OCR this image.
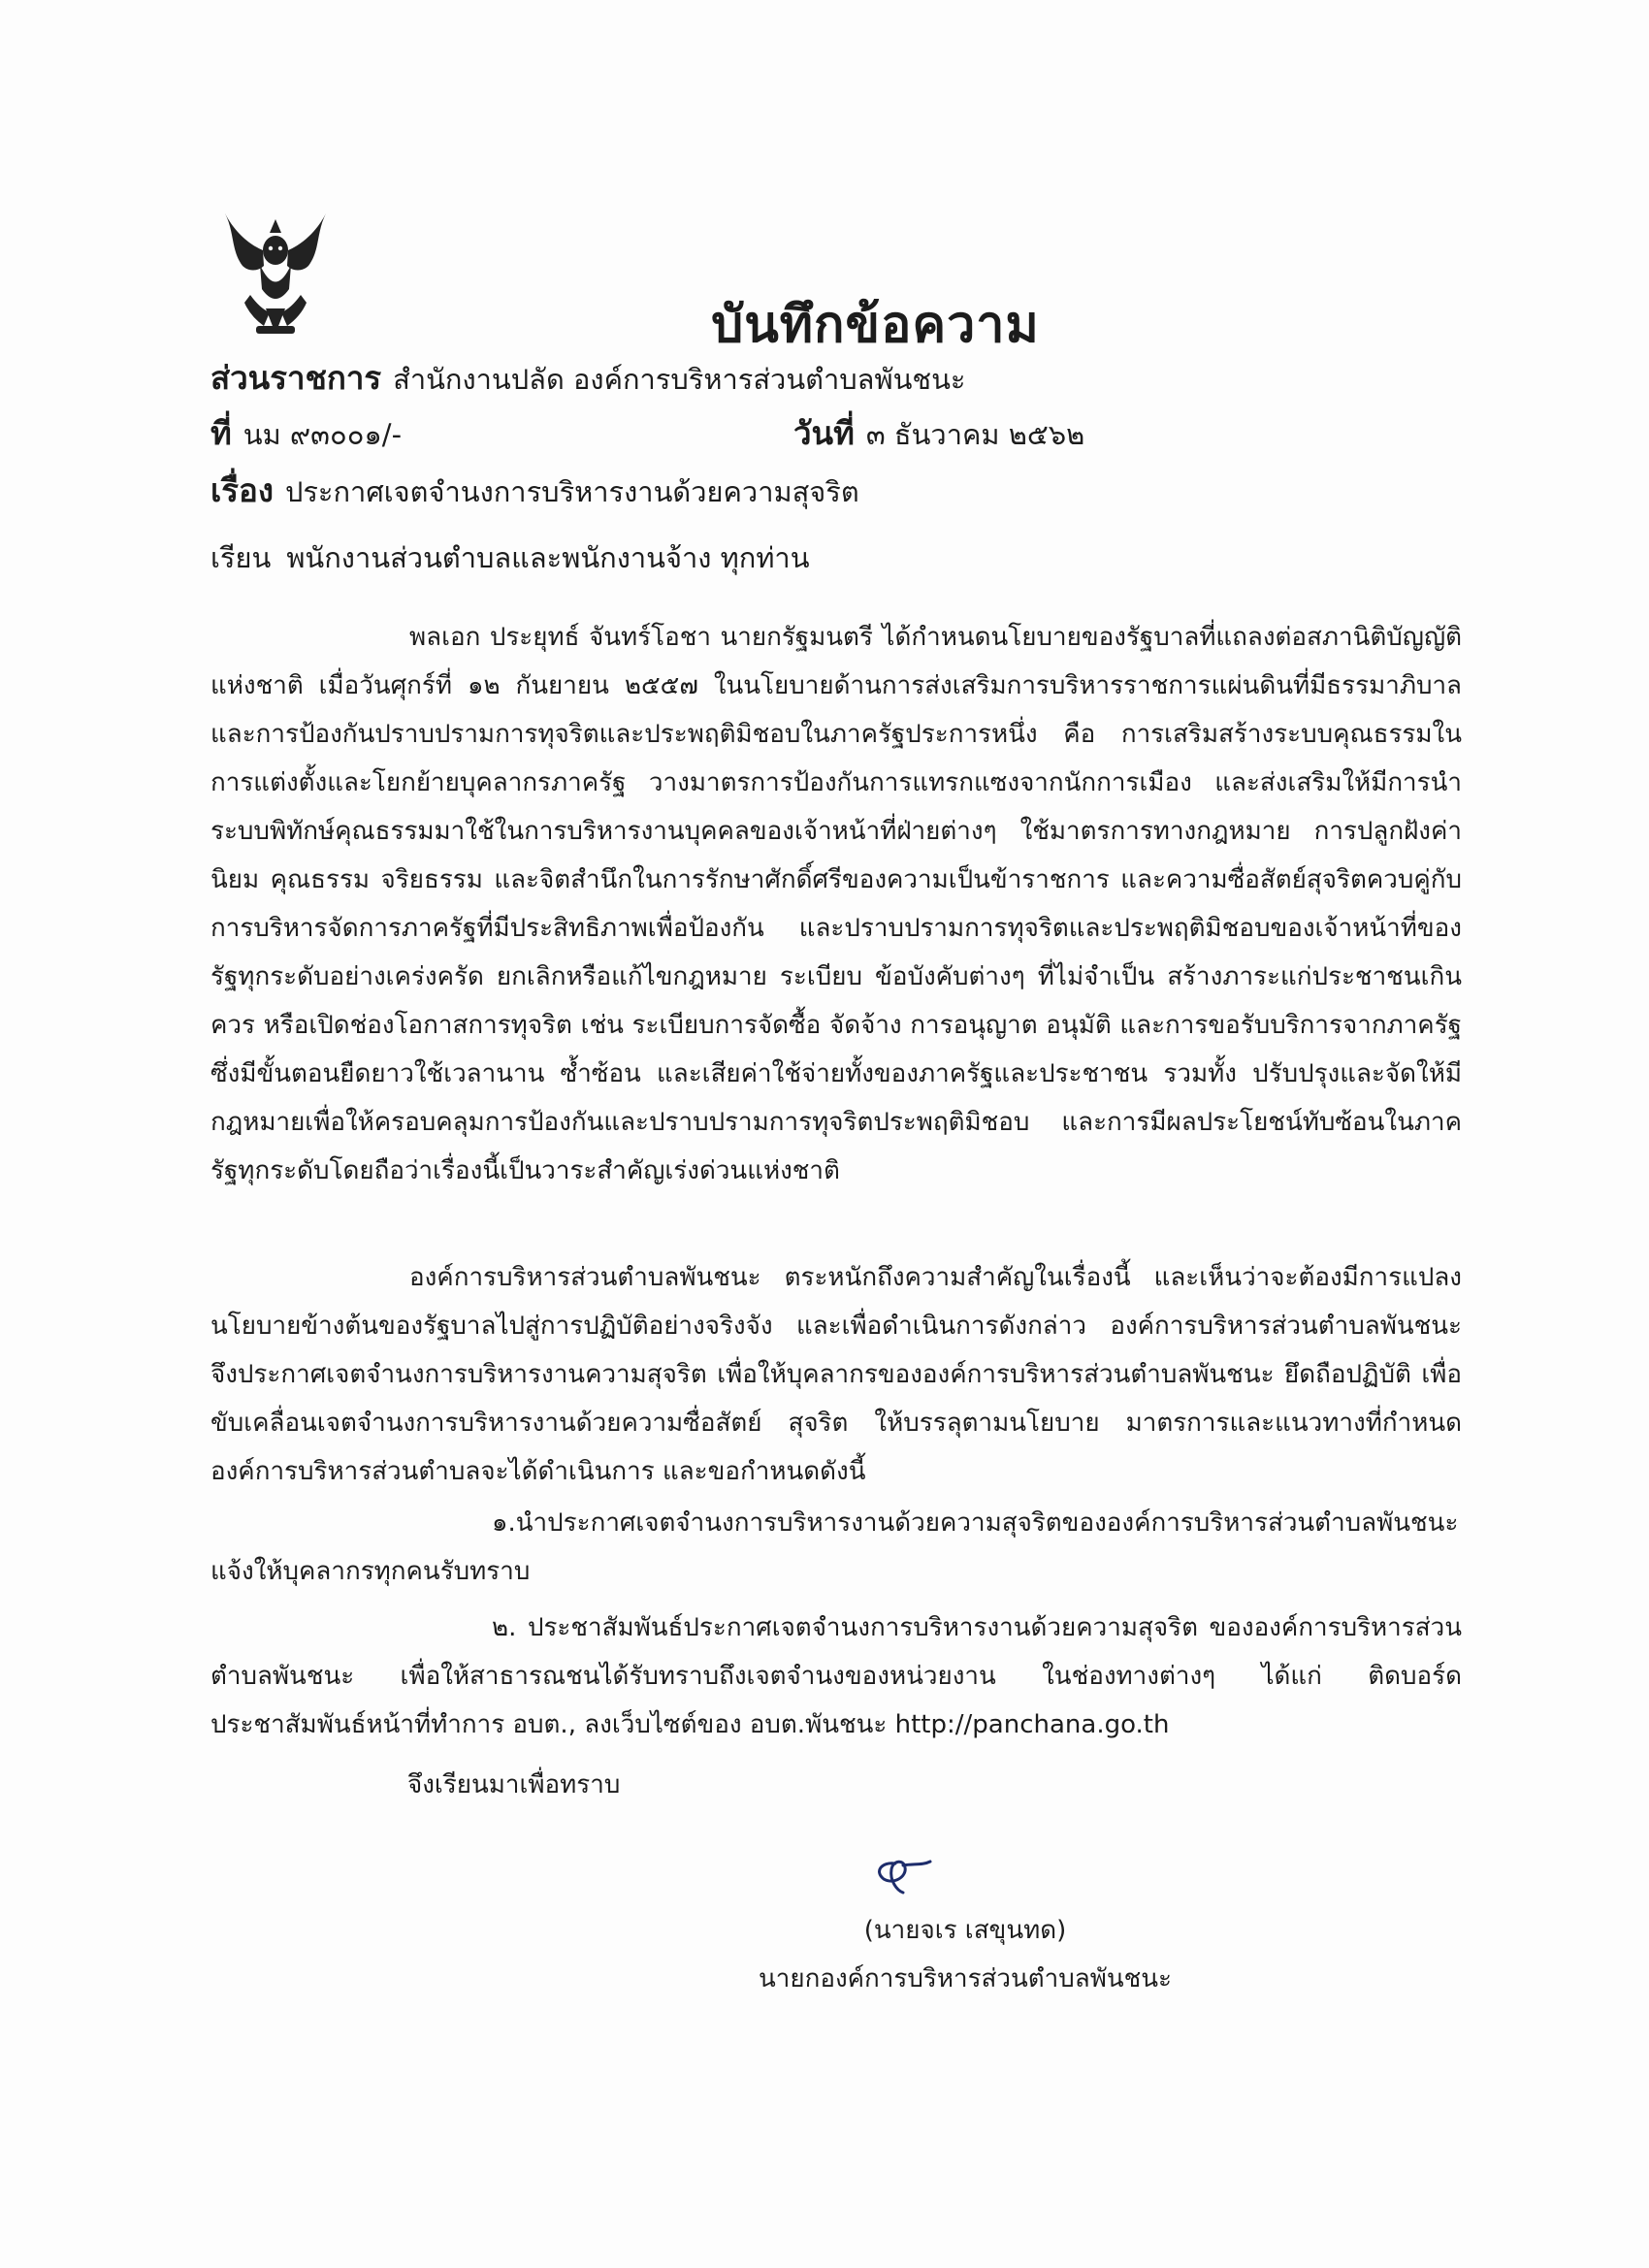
บันทึกข้อความ
ส่วนราชการ สำนักงานปลัด องค์การบริหารส่วนตำบลพันชนะ
ที่ นม ๙๓๐๐๑/-	วันที่ ๓ ธันวาคม ๒๕๖๒
เรื่อง ประกาศเจตจำนงการบริหารงานด้วยความสุจริต
เรียน พนักงานส่วนตำบลและพนักงานจ้าง ทุกท่าน

พลเอก ประยุทธ์ จันทร์โอชา นายกรัฐมนตรี ได้กำหนดนโยบายของรัฐบาลที่แถลงต่อสภานิติบัญญัติแห่งชาติ เมื่อวันศุกร์ที่ ๑๒ กันยายน ๒๕๕๗ ในนโยบายด้านการส่งเสริมการบริหารราชการแผ่นดินที่มีธรรมาภิบาลและการป้องกันปราบปรามการทุจริตและประพฤติมิชอบในภาครัฐประการหนึ่ง คือ การเสริมสร้างระบบคุณธรรมในการแต่งตั้งและโยกย้ายบุคลากรภาครัฐ วางมาตรการป้องกันการแทรกแซงจากนักการเมือง และส่งเสริมให้มีการนำระบบพิทักษ์คุณธรรมมาใช้ในการบริหารงานบุคคลของเจ้าหน้าที่ฝ่ายต่างๆ ใช้มาตรการทางกฎหมาย การปลูกฝังค่านิยม คุณธรรม จริยธรรม และจิตสำนึกในการรักษาศักดิ์ศรีของความเป็นข้าราชการ และความซื่อสัตย์สุจริตควบคู่กับการบริหารจัดการภาครัฐที่มีประสิทธิภาพเพื่อป้องกัน และปราบปรามการทุจริตและประพฤติมิชอบของเจ้าหน้าที่ของรัฐทุกระดับอย่างเคร่งครัด ยกเลิกหรือแก้ไขกฎหมาย ระเบียบ ข้อบังคับต่างๆ ที่ไม่จำเป็น สร้างภาระแก่ประชาชนเกินควร หรือเปิดช่องโอกาสการทุจริต เช่น ระเบียบการจัดซื้อ จัดจ้าง การอนุญาต อนุมัติ และการขอรับบริการจากภาครัฐ ซึ่งมีขั้นตอนยืดยาวใช้เวลานาน ซ้ำซ้อน และเสียค่าใช้จ่ายทั้งของภาครัฐและประชาชน รวมทั้ง ปรับปรุงและจัดให้มีกฎหมายเพื่อให้ครอบคลุมการป้องกันและปราบปรามการทุจริตประพฤติมิชอบ และการมีผลประโยชน์ทับซ้อนในภาครัฐทุกระดับโดยถือว่าเรื่องนี้เป็นวาระสำคัญเร่งด่วนแห่งชาติ

องค์การบริหารส่วนตำบลพันชนะ ตระหนักถึงความสำคัญในเรื่องนี้ และเห็นว่าจะต้องมีการแปลงนโยบายข้างต้นของรัฐบาลไปสู่การปฏิบัติอย่างจริงจัง และเพื่อดำเนินการดังกล่าว องค์การบริหารส่วนตำบลพันชนะ จึงประกาศเจตจำนงการบริหารงานความสุจริต เพื่อให้บุคลากรขององค์การบริหารส่วนตำบลพันชนะ ยึดถือปฏิบัติ เพื่อขับเคลื่อนเจตจำนงการบริหารงานด้วยความซื่อสัตย์ สุจริต ให้บรรลุตามนโยบาย มาตรการและแนวทางที่กำหนด องค์การบริหารส่วนตำบลจะได้ดำเนินการ และขอกำหนดดังนี้

๑.นำประกาศเจตจำนงการบริหารงานด้วยความสุจริตขององค์การบริหารส่วนตำบลพันชนะ แจ้งให้บุคลากรทุกคนรับทราบ

๒. ประชาสัมพันธ์ประกาศเจตจำนงการบริหารงานด้วยความสุจริต ขององค์การบริหารส่วนตำบลพันชนะ เพื่อให้สาธารณชนได้รับทราบถึงเจตจำนงของหน่วยงาน ในช่องทางต่างๆ ได้แก่ ติดบอร์ดประชาสัมพันธ์หน้าที่ทำการ อบต., ลงเว็บไซต์ของ อบต.พันชนะ http://panchana.go.th

จึงเรียนมาเพื่อทราบ
(นายจเร เสขุนทด)
นายกองค์การบริหารส่วนตำบลพันชนะ
